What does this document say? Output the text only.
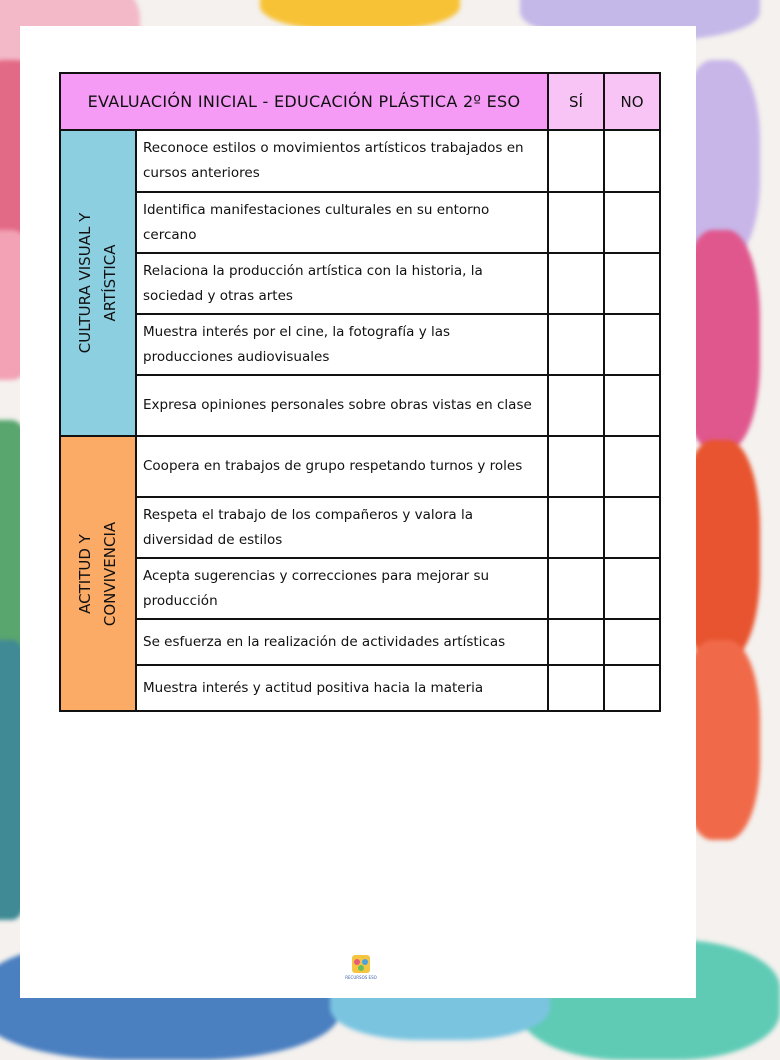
EVALUACIÓN INICIAL - EDUCACIÓN PLÁSTICA 2º ESO		SÍ	NO

CULTURA VISUAL Y ARTÍSTICA	Reconoce estilos o movimientos artísticos trabajados en cursos anteriores		
	Identifica manifestaciones culturales en su entorno cercano		
	Relaciona la producción artística con la historia, la sociedad y otras artes		
	Muestra interés por el cine, la fotografía y las producciones audiovisuales		
	Expresa opiniones personales sobre obras vistas en clase		

ACTITUD Y CONVIVENCIA	Coopera en trabajos de grupo respetando turnos y roles		
	Respeta el trabajo de los compañeros y valora la diversidad de estilos		
	Acepta sugerencias y correcciones para mejorar su producción		
	Se esfuerza en la realización de actividades artísticas		
	Muestra interés y actitud positiva hacia la materia		
RECURSOS ESO
